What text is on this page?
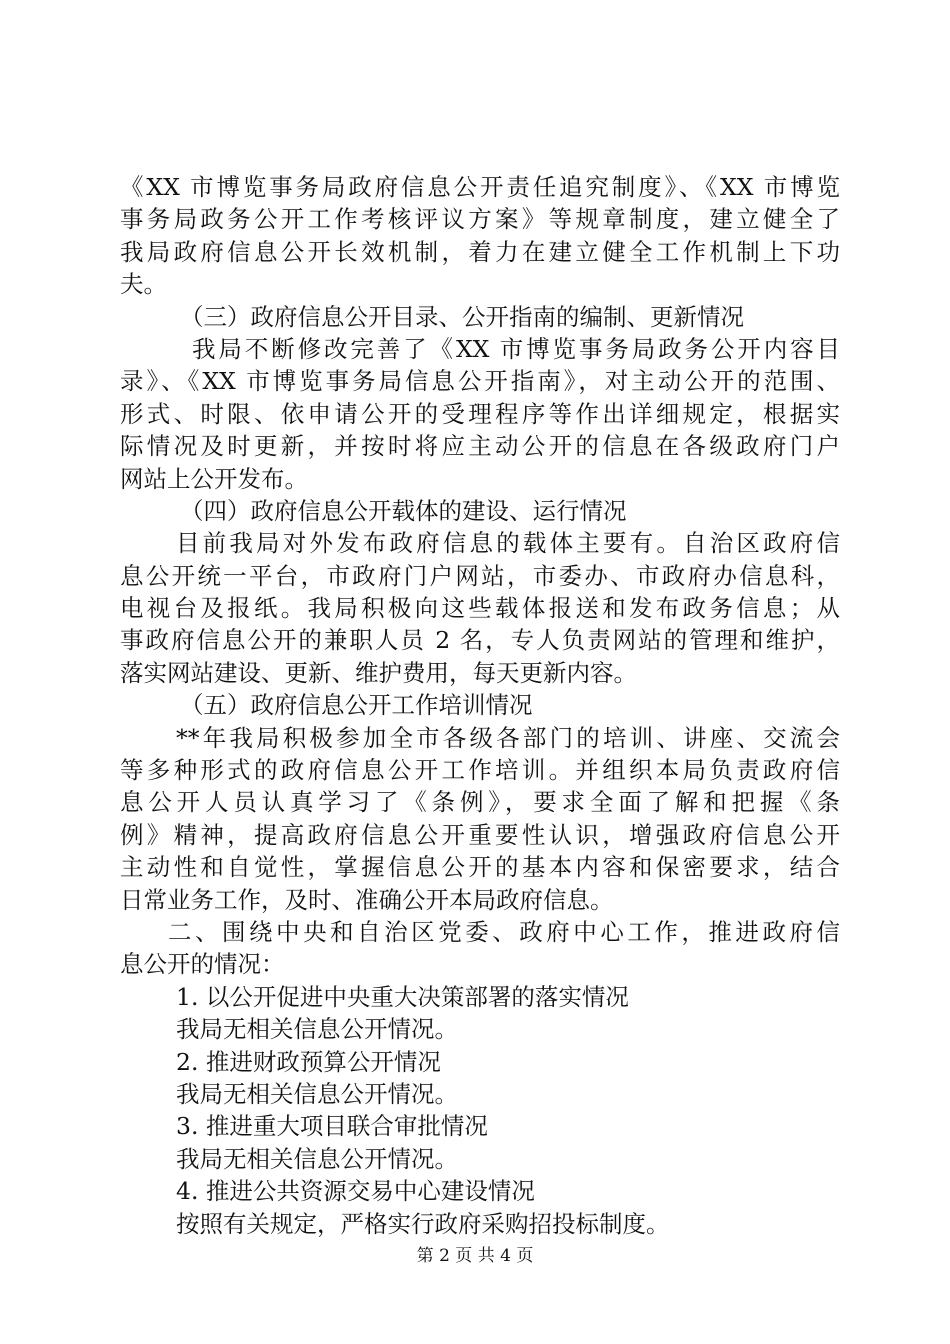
《XX 市博览事务局政府信息公开责任追究制度》、《XX 市博览
事务局政务公开工作考核评议方案》等规章制度，建立健全了
我局政府信息公开长效机制，着力在建立健全工作机制上下功
夫。
（三）政府信息公开目录、公开指南的编制、更新情况
我局不断修改完善了《XX 市博览事务局政务公开内容目
录》、《XX 市博览事务局信息公开指南》，对主动公开的范围、
形式、时限、依申请公开的受理程序等作出详细规定，根据实
际情况及时更新，并按时将应主动公开的信息在各级政府门户
网站上公开发布。
（四）政府信息公开载体的建设、运行情况
目前我局对外发布政府信息的载体主要有。自治区政府信
息公开统一平台，市政府门户网站，市委办、市政府办信息科，
电视台及报纸。我局积极向这些载体报送和发布政务信息；从
事政府信息公开的兼职人员 2 名，专人负责网站的管理和维护，
落实网站建设、更新、维护费用，每天更新内容。
（五）政府信息公开工作培训情况
**年我局积极参加全市各级各部门的培训、讲座、交流会
等多种形式的政府信息公开工作培训。并组织本局负责政府信
息公开人员认真学习了《条例》，要求全面了解和把握《条
例》精神，提高政府信息公开重要性认识，增强政府信息公开
主动性和自觉性，掌握信息公开的基本内容和保密要求，结合
日常业务工作，及时、准确公开本局政府信息。
二、围绕中央和自治区党委、政府中心工作，推进政府信
息公开的情况：
1. 以公开促进中央重大决策部署的落实情况
我局无相关信息公开情况。
2. 推进财政预算公开情况
我局无相关信息公开情况。
3. 推进重大项目联合审批情况
我局无相关信息公开情况。
4. 推进公共资源交易中心建设情况
按照有关规定，严格实行政府采购招投标制度。
第 2 页 共 4 页
